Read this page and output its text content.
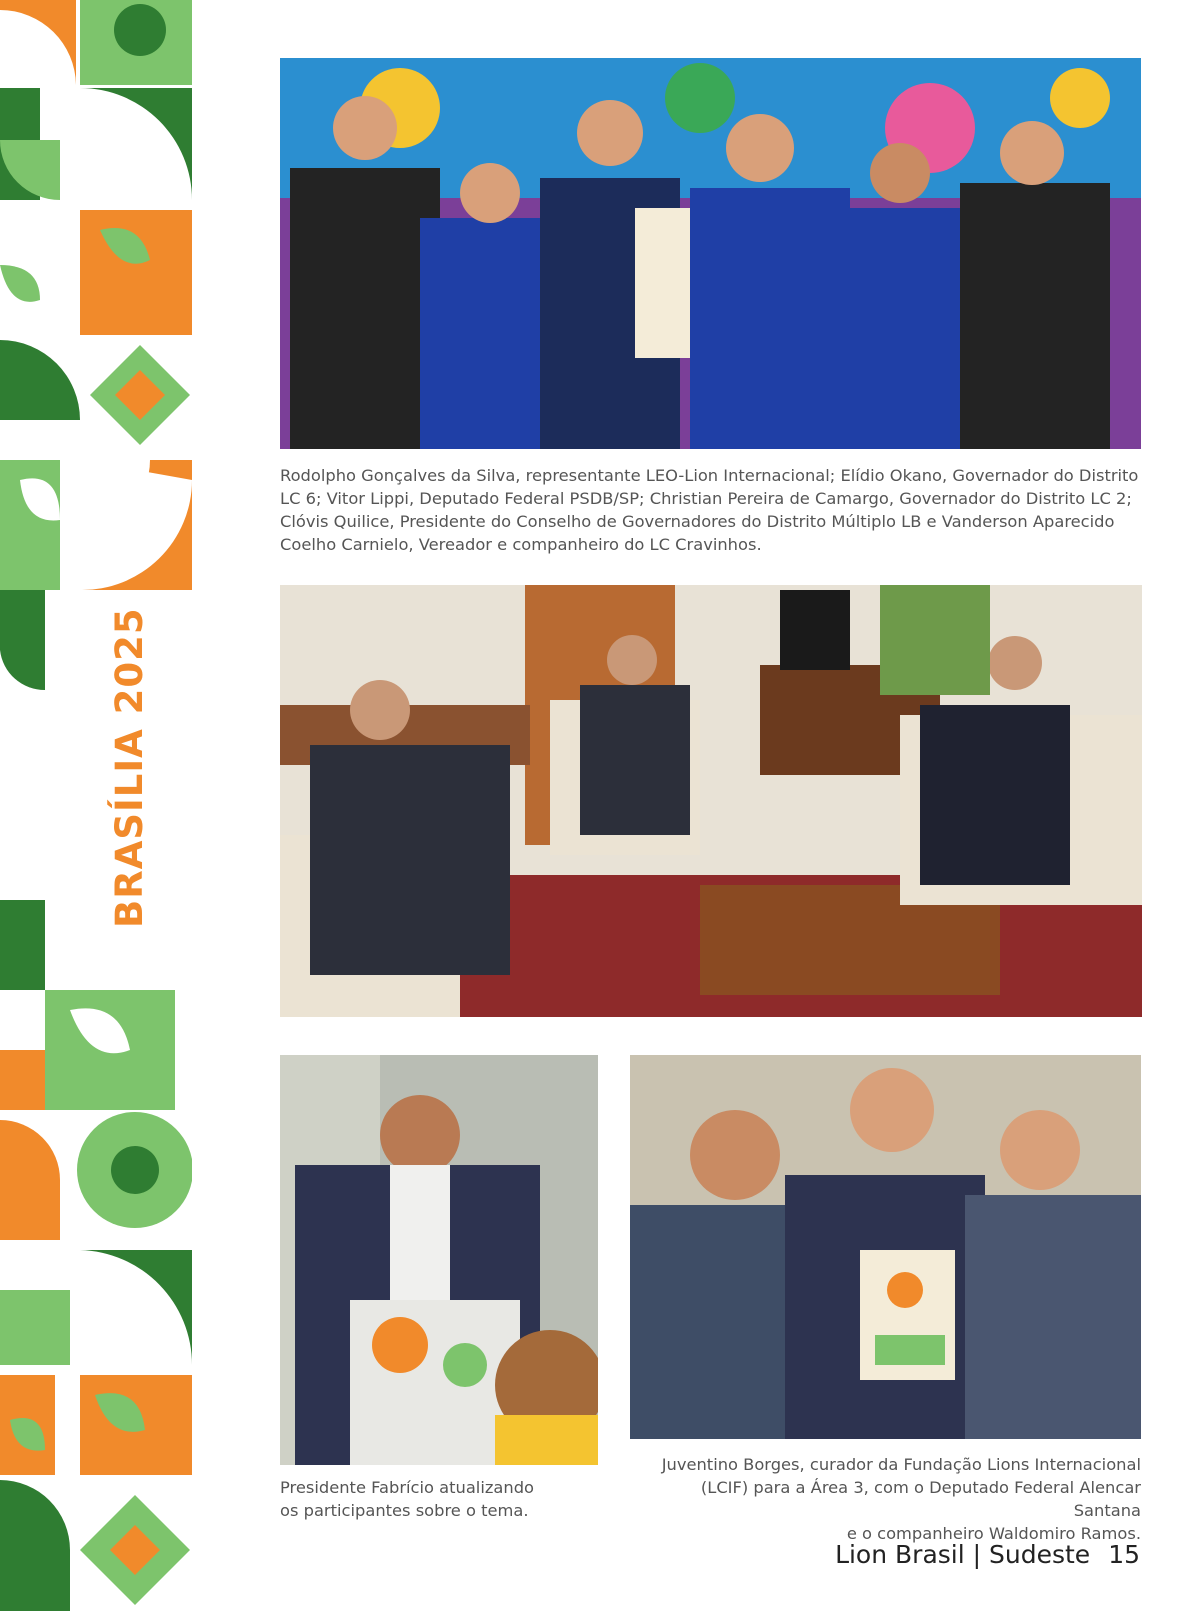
BRASÍLIA 2025
Rodolpho Gonçalves da Silva, representante LEO-Lion Internacional; Elídio Okano, Governador do Distrito
LC 6; Vitor Lippi, Deputado Federal PSDB/SP; Christian Pereira de Camargo, Governador do Distrito LC 2;
Clóvis Quilice, Presidente do Conselho de Governadores do Distrito Múltiplo LB e Vanderson Aparecido
Coelho Carnielo, Vereador e companheiro do LC Cravinhos.
Presidente Fabrício atualizando
os participantes sobre o tema.
Juventino Borges, curador da Fundação Lions Internacional
(LCIF) para a Área 3, com o Deputado Federal Alencar Santana
e o companheiro Waldomiro Ramos.
Lion Brasil | Sudeste 15
